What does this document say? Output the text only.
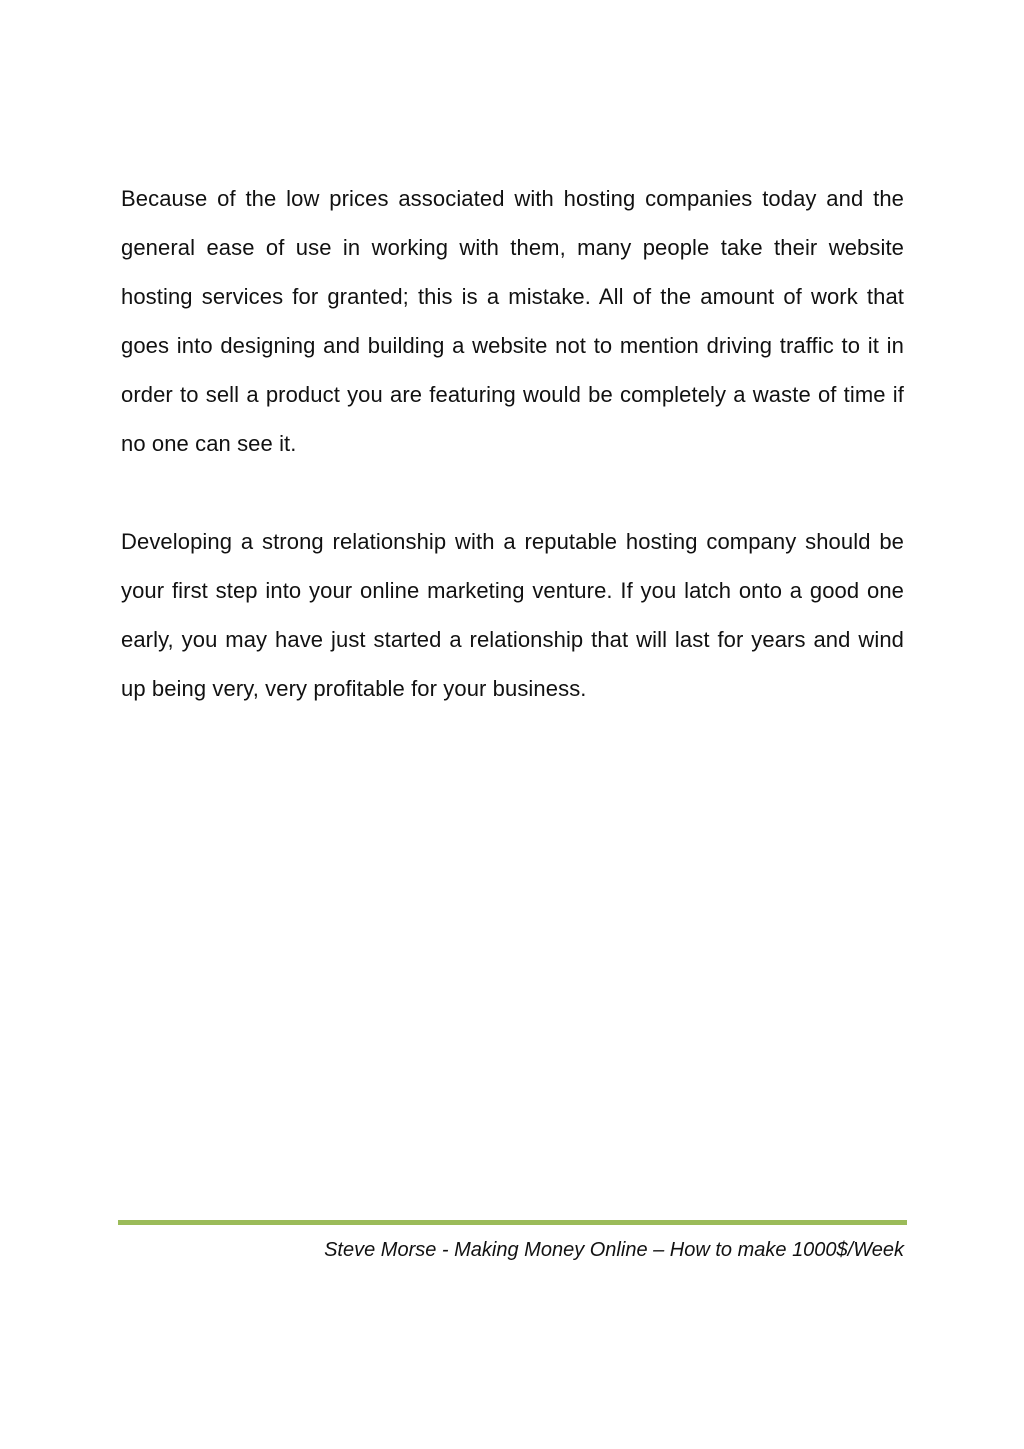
Because of the low prices associated with hosting companies today and the general ease of use in working with them, many people take their website hosting services for granted; this is a mistake. All of the amount of work that goes into designing and building a website not to mention driving traffic to it in order to sell a product you are featuring would be completely a waste of time if no one can see it.

Developing a strong relationship with a reputable hosting company should be your first step into your online marketing venture. If you latch onto a good one early, you may have just started a relationship that will last for years and wind up being very, very profitable for your business.

Steve Morse - Making Money Online – How to make 1000$/Week
